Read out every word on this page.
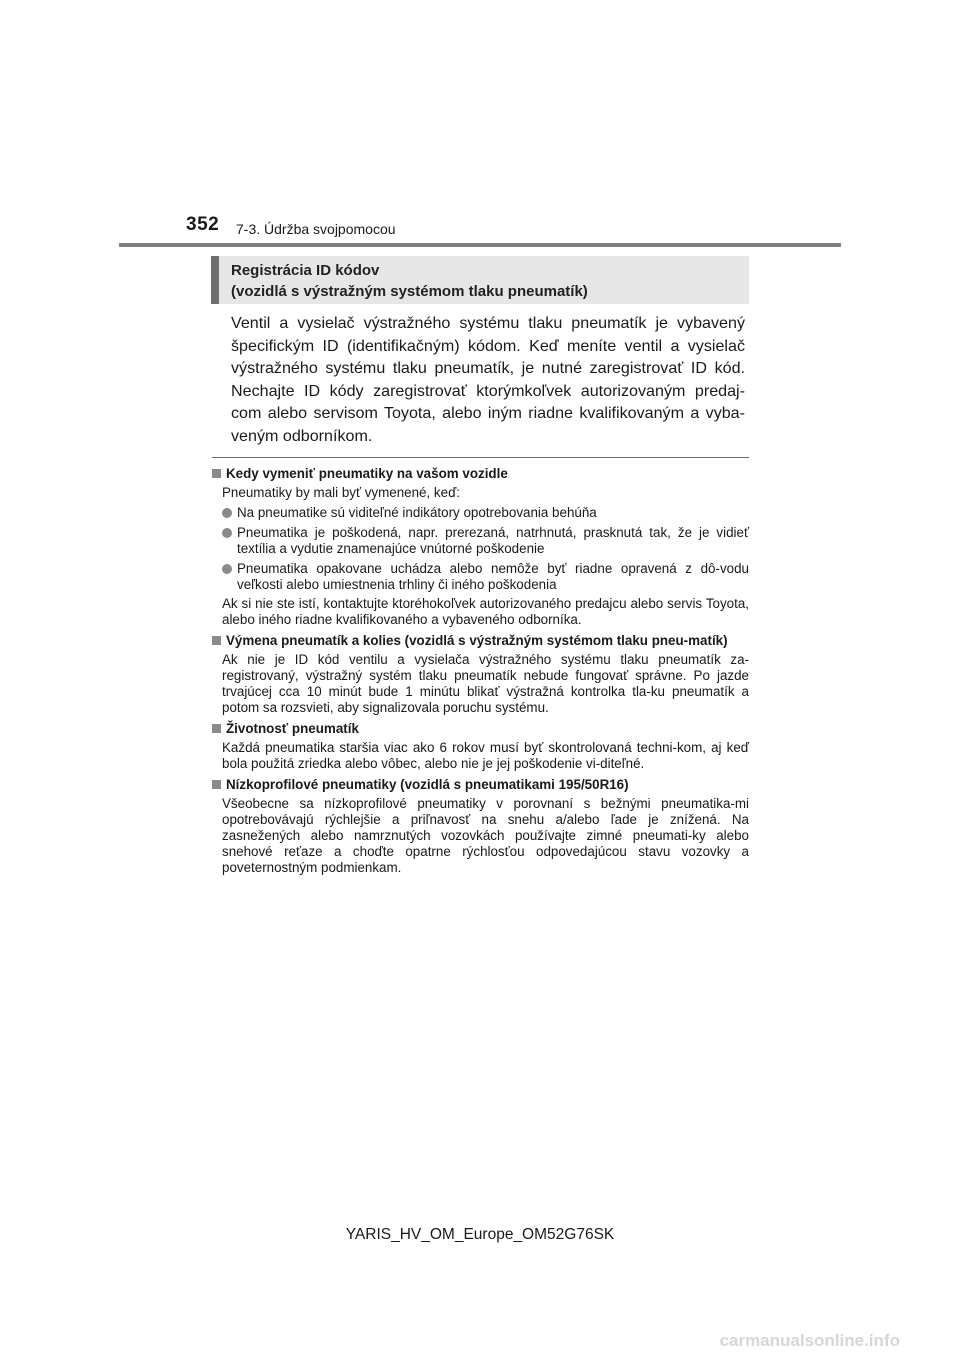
352 7-3. Údržba svojpomocou
Registrácia ID kódov
(vozidlá s výstražným systémom tlaku pneumatík)

Ventil a vysielač výstražného systému tlaku pneumatík je vybavený špecifickým ID (identifikačným) kódom. Keď meníte ventil a vysielač výstražného systému tlaku pneumatík, je nutné zaregistrovať ID kód. Nechajte ID kódy zaregistrovať ktorýmkoľvek autorizovaným predaj-com alebo servisom Toyota, alebo iným riadne kvalifikovaným a vyba-veným odborníkom.

Kedy vymeniť pneumatiky na vašom vozidle
Pneumatiky by mali byť vymenené, keď:
Na pneumatike sú viditeľné indikátory opotrebovania behúňa
Pneumatika je poškodená, napr. prerezaná, natrhnutá, prasknutá tak, že je vidieť textília a vydutie znamenajúce vnútorné poškodenie
Pneumatika opakovane uchádza alebo nemôže byť riadne opravená z dô-vodu veľkosti alebo umiestnenia trhliny či iného poškodenia
Ak si nie ste istí, kontaktujte ktoréhokoľvek autorizovaného predajcu alebo servis Toyota, alebo iného riadne kvalifikovaného a vybaveného odborníka.
Výmena pneumatík a kolies (vozidlá s výstražným systémom tlaku pneu-matík)
Ak nie je ID kód ventilu a vysielača výstražného systému tlaku pneumatík za-registrovaný, výstražný systém tlaku pneumatík nebude fungovať správne. Po jazde trvajúcej cca 10 minút bude 1 minútu blikať výstražná kontrolka tla-ku pneumatík a potom sa rozsvieti, aby signalizovala poruchu systému.
Životnosť pneumatík
Každá pneumatika staršia viac ako 6 rokov musí byť skontrolovaná techni-kom, aj keď bola použitá zriedka alebo vôbec, alebo nie je jej poškodenie vi-diteľné.
Nízkoprofilové pneumatiky (vozidlá s pneumatikami 195/50R16)
Všeobecne sa nízkoprofilové pneumatiky v porovnaní s bežnými pneumatika-mi opotrebovávajú rýchlejšie a priľnavosť na snehu a/alebo ľade je znížená. Na zasnežených alebo namrznutých vozovkách používajte zimné pneumati-ky alebo snehové reťaze a choďte opatrne rýchlosťou odpovedajúcou stavu vozovky a poveternostným podmienkam.
YARIS_HV_OM_Europe_OM52G76SK
carmanualsonline.info
